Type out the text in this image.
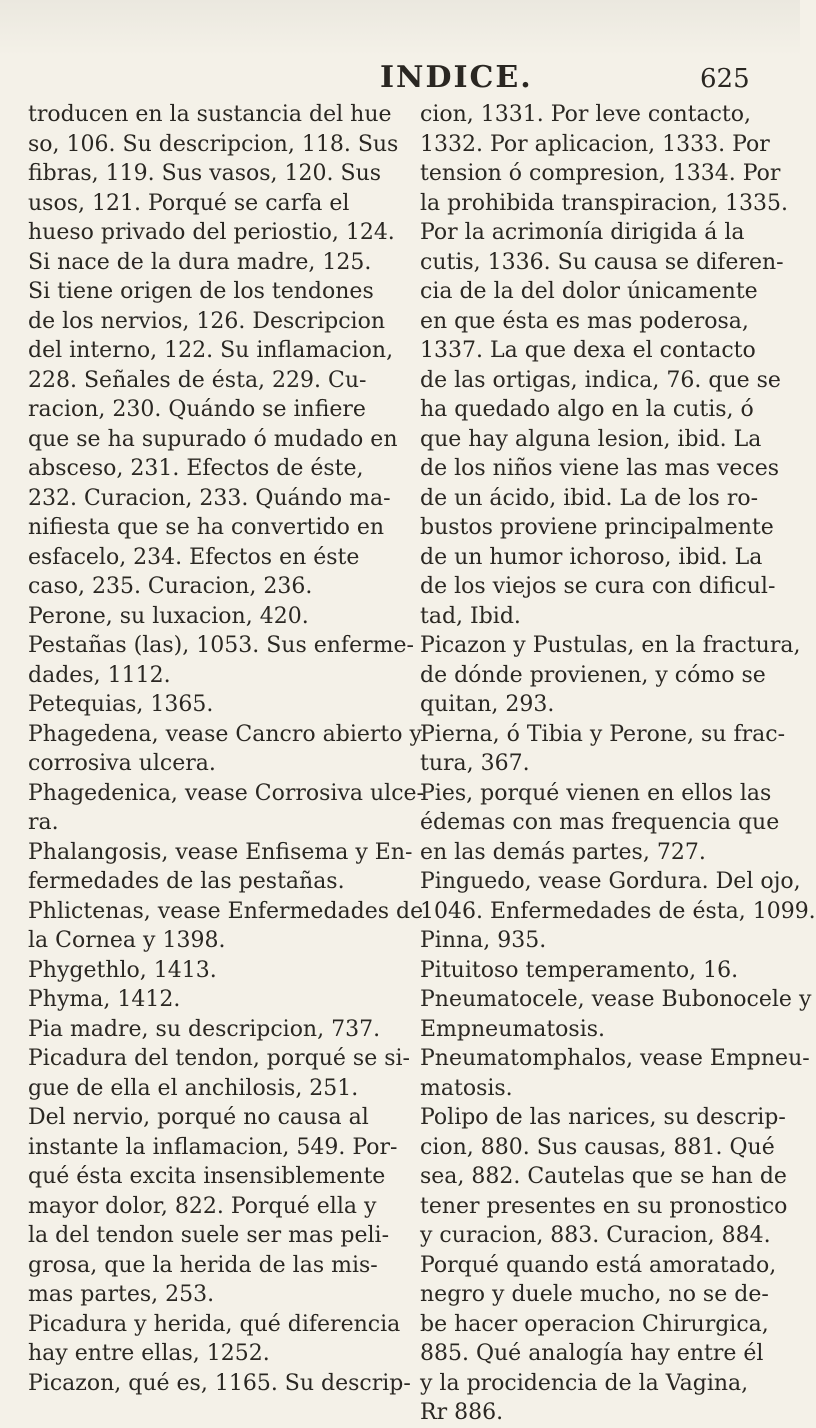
INDICE.	625
troducen en la sustancia del hue
so, 106. Su descripcion, 118. Sus
fibras, 119. Sus vasos, 120. Sus
usos, 121. Porqué se carfa el
hueso privado del periostio, 124.
Si nace de la dura madre, 125.
Si tiene origen de los tendones
de los nervios, 126. Descripcion
del interno, 122. Su inflamacion,
228. Señales de ésta, 229. Cu-
racion, 230. Quándo se infiere
que se ha supurado ó mudado en
absceso, 231. Efectos de éste,
232. Curacion, 233. Quándo ma-
nifiesta que se ha convertido en
esfacelo, 234. Efectos en éste
caso, 235. Curacion, 236.
Perone, su luxacion, 420.
Pestañas (las), 1053. Sus enferme-
dades, 1112.
Petequias, 1365.
Phagedena, vease Cancro abierto y
corrosiva ulcera.
Phagedenica, vease Corrosiva ulce-
ra.
Phalangosis, vease Enfisema y En-
fermedades de las pestañas.
Phlictenas, vease Enfermedades de
la Cornea y 1398.
Phygethlo, 1413.
Phyma, 1412.
Pia madre, su descripcion, 737.
Picadura del tendon, porqué se si-
gue de ella el anchilosis, 251.
Del nervio, porqué no causa al
instante la inflamacion, 549. Por-
qué ésta excita insensiblemente
mayor dolor, 822. Porqué ella y
la del tendon suele ser mas peli-
grosa, que la herida de las mis-
mas partes, 253.
Picadura y herida, qué diferencia
hay entre ellas, 1252.
Picazon, qué es, 1165. Su descrip-
cion, 1331. Por leve contacto,
1332. Por aplicacion, 1333. Por
tension ó compresion, 1334. Por
la prohibida transpiracion, 1335.
Por la acrimonía dirigida á la
cutis, 1336. Su causa se diferen-
cia de la del dolor únicamente
en que ésta es mas poderosa,
1337. La que dexa el contacto
de las ortigas, indica, 76. que se
ha quedado algo en la cutis, ó
que hay alguna lesion, ibid. La
de los niños viene las mas veces
de un ácido, ibid. La de los ro-
bustos proviene principalmente
de un humor ichoroso, ibid. La
de los viejos se cura con dificul-
tad, Ibid.
Picazon y Pustulas, en la fractura,
de dónde provienen, y cómo se
quitan, 293.
Pierna, ó Tibia y Perone, su frac-
tura, 367.
Pies, porqué vienen en ellos las
édemas con mas frequencia que
en las demás partes, 727.
Pinguedo, vease Gordura. Del ojo,
1046. Enfermedades de ésta, 1099.
Pinna, 935.
Pituitoso temperamento, 16.
Pneumatocele, vease Bubonocele y
Empneumatosis.
Pneumatomphalos, vease Empneu-
matosis.
Polipo de las narices, su descrip-
cion, 880. Sus causas, 881. Qué
sea, 882. Cautelas que se han de
tener presentes en su pronostico
y curacion, 883. Curacion, 884.
Porqué quando está amoratado,
negro y duele mucho, no se de-
be hacer operacion Chirurgica,
885. Qué analogía hay entre él
y la procidencia de la Vagina,
Rr 886.
